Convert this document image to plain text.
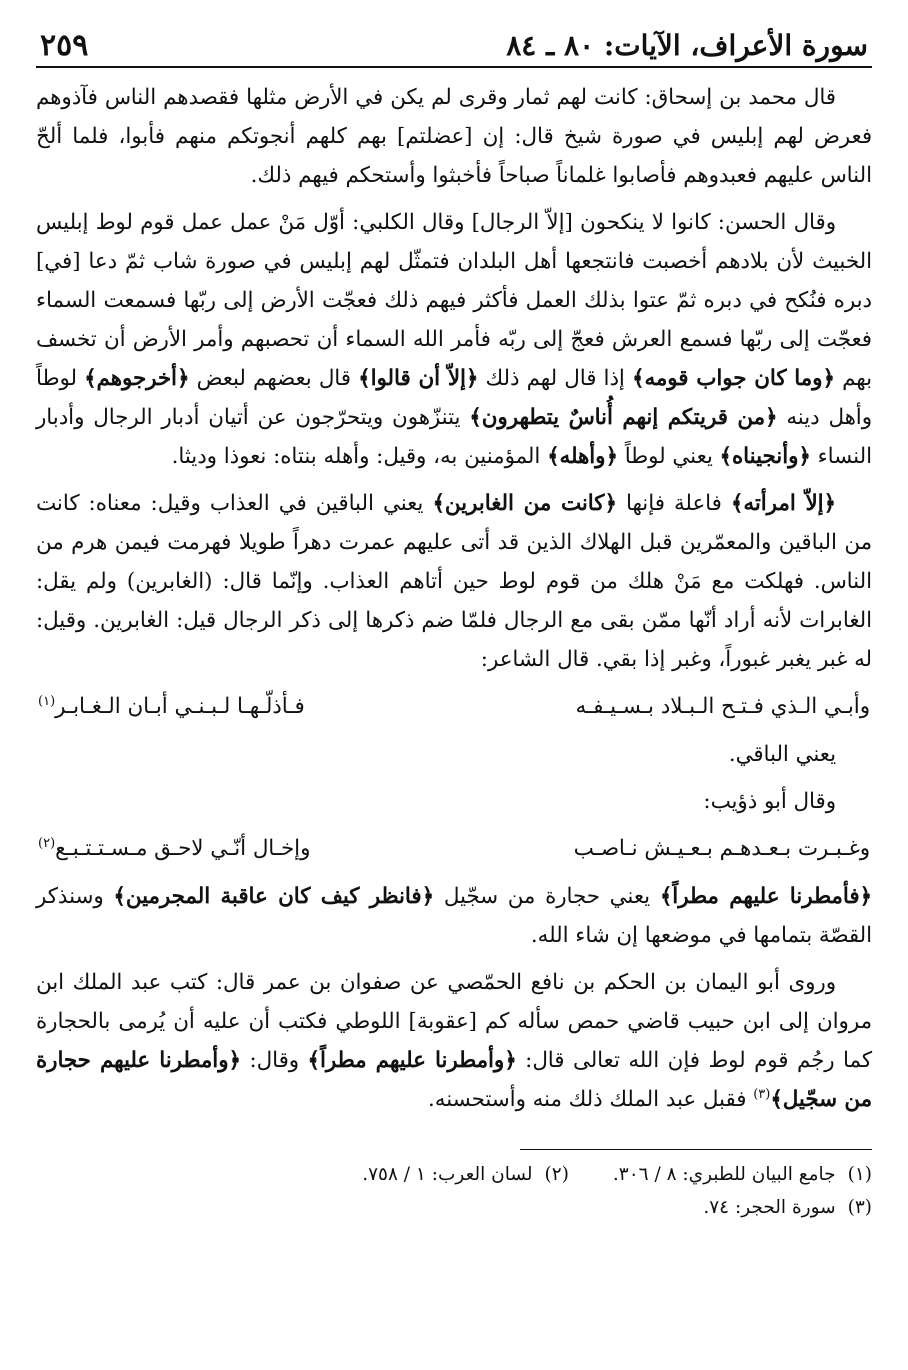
سورة الأعراف، الآيات: ٨٠ ـ ٨٤
٢٥٩

قال محمد بن إسحاق: كانت لهم ثمار وقرى لم يكن في الأرض مثلها فقصدهم الناس فآذوهم فعرض لهم إبليس في صورة شيخ قال: إن [عضلتم] بهم كلهم أنجوتكم منهم فأبوا، فلما ألحّ الناس عليهم فعبدوهم فأصابوا غلماناً صباحاً فأخبثوا وأستحكم فيهم ذلك.

وقال الحسن: كانوا لا ينكحون [إلاّ الرجال] وقال الكلبي: أوّل مَنْ عمل عمل قوم لوط إبليس الخبيث لأن بلادهم أخصبت فانتجعها أهل البلدان فتمثّل لهم إبليس في صورة شاب ثمّ دعا [في] دبره فنُكح في دبره ثمّ عتوا بذلك العمل فأكثر فيهم ذلك فعجّت الأرض إلى ربّها فسمعت السماء فعجّت إلى ربّها فسمع العرش فعجّ إلى ربّه فأمر الله السماء أن تحصبهم وأمر الأرض أن تخسف بهم ﴿وما كان جواب قومه﴾ إذا قال لهم ذلك ﴿إلاّ أن قالوا﴾ قال بعضهم لبعض ﴿أخرجوهم﴾ لوطاً وأهل دينه ﴿من قريتكم إنهم أُناسٌ يتطهرون﴾ يتنزّهون ويتحرّجون عن أتيان أدبار الرجال وأدبار النساء ﴿وأنجيناه﴾ يعني لوطاً ﴿وأهله﴾ المؤمنين به، وقيل: وأهله بنتاه: نعوذا وديثا.

﴿إلاّ امرأته﴾ فاعلة فإنها ﴿كانت من الغابرين﴾ يعني الباقين في العذاب وقيل: معناه: كانت من الباقين والمعمّرين قبل الهلاك الذين قد أتى عليهم عمرت دهراً طويلا فهرمت فيمن هرم من الناس. فهلكت مع مَنْ هلك من قوم لوط حين أتاهم العذاب. وإنّما قال: (الغابرين) ولم يقل: الغابرات لأنه أراد أنّها ممّن بقى مع الرجال فلمّا ضم ذكرها إلى ذكر الرجال قيل: الغابرين. وقيل: له غبر يغبر غبوراً، وغبر إذا بقي. قال الشاعر:

وأبـي الـذي فـتـح الـبـلاد بـسـيـفـه
فـأذلّـهـا لـبـنـي أبـان الـغـابـر$^{(١)}$

يعني الباقي.

وقال أبو ذؤيب:

وغـبـرت بـعـدهـم بـعـيـش نـاصـب
وإخـال أنّـي لاحـق مـسـتـتـبـع$^{(٢)}$

﴿فأمطرنا عليهم مطراً﴾ يعني حجارة من سجّيل ﴿فانظر كيف كان عاقبة المجرمين﴾ وسنذكر القصّة بتمامها في موضعها إن شاء الله.

وروى أبو اليمان بن الحكم بن نافع الحمّصي عن صفوان بن عمر قال: كتب عبد الملك ابن مروان إلى ابن حبيب قاضي حمص سأله كم [عقوبة] اللوطي فكتب أن عليه أن يُرمى بالحجارة كما رجُم قوم لوط فإن الله تعالى قال: ﴿وأمطرنا عليهم مطراً﴾ وقال: ﴿وأمطرنا عليهم حجارة من سجّيل﴾$^{(٣)}$ فقبل عبد الملك ذلك منه وأستحسنه.

(١)جامع البيان للطبري: ٨ / ٣٠٦.
(٢)لسان العرب: ١ / ٧٥٨.
(٣)سورة الحجر: ٧٤.
